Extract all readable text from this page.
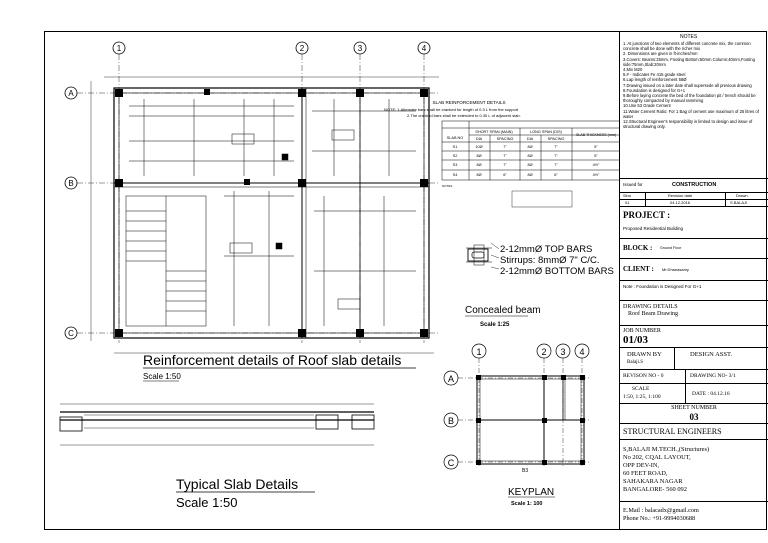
1	2	3	4
A
B
C
Reinforcement details of Roof slab details
Scale 1:50
SLAB REINFORCEMENT DETAILS
NOTE: 1.Alternate bars shall be cranked for length of 0.3 L from the support
2.The cranked bars shall be extended to 0.30 L of adjacent slab.
SLAB NO
SHORT SPAN (MAIN)	LONG SPAN (DIS)
SLAB THICKNESS (mm)
DIA	SPACING	DIA	SPACING
S1	10Ø	7"	8Ø	7"	5"
S2	8Ø	7"	8Ø	7"	5"
S3	8Ø	7"	8Ø	7"	4½"
S4	8Ø	6"	8Ø	6"	4½"
NOTES
2-12mmØ TOP BARS
Stirrups: 8mmØ 7" C/C.
2-12mmØ BOTTOM BARS
Concealed beam
Scale 1:25
Typical Slab Details
Scale 1:50
1	2 3 4
A
B
C
B3
KEYPLAN
Scale 1: 100
NOTES
1. At junctions of two elements of different concrete mix, the common concrete shall be done with the richer mix
2. Dimensions are given in ft-inches/mm
3.Covers: Beams:25mm, Footing Bottom:50mm Column:40mm,Footing side:75mm,Slab:20mm
4.Mix M20
5.# - Indicates Fe 415 grade steel
6.Lap length of reinforcement 58Ø
7.Drawing issued on a later date shall supersede all previous drawing
8.Foundation is designed for G+1
9.Before laying concrete the bed of the foundation pit / trench should be thoroughly compacted by manual rammimg
10.Use 53 Grade Cement
11.Water Cement Ratio: For 1 Bag of cement use maximum of 25 litres of water
12.Structural Engineer's responsibility is limited to design and issue of structural drawing only.
Issued for	CONSTRUCTION
Sino	Revision date	Drawn
01	04.12.2016	S.BALAJI
PROJECT :
Proposed Residential Building
BLOCK : Ground Floor
CLIENT : Mr.Dhanasamy
Note : Foundation is Designed For G+1
DRAWING DETAILS
Roof Beam Drawing
JOB NUMBER
01/03
DRAWN BY
Balaji.S
DESIGN ASST.
REVISON NO - 0	DRAWING NO- 3/1
SCALE
1:50, 1:25, 1:100	DATE : 04.12.16
SHEET NUMBER
03
STRUCTURAL ENGINEERS
S,BALAJI M.TECH.,(Structures)
No 202, CQAL LAYOUT,
OPP DEV-IN,
60 FEET ROAD,
SAHAKARA NAGAR
BANGALORE- 560 092
E.Mail : balacadx@gmail.com
Phone No.: +91-9994030688
